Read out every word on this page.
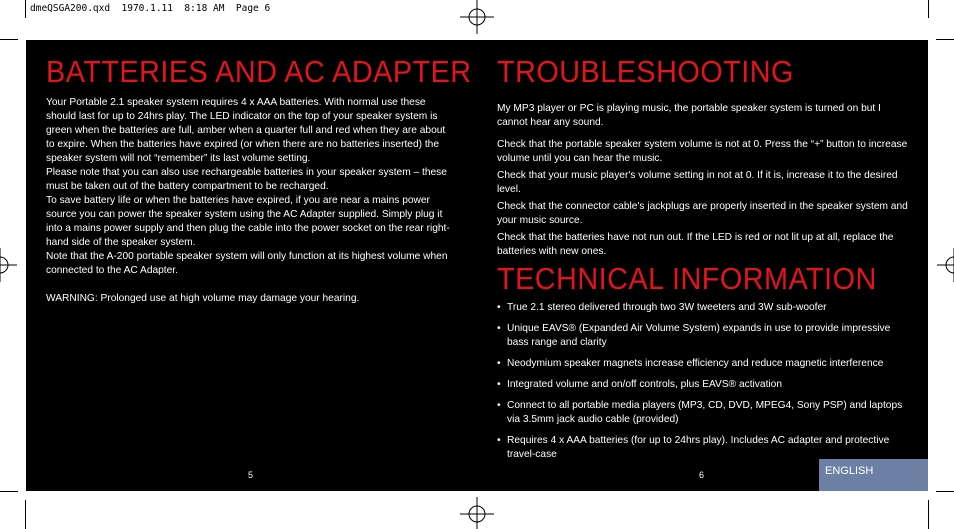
dmeQSGA200.qxd  1970.1.11  8:18 AM  Page 6
BATTERIES AND AC ADAPTER

Your Portable 2.1 speaker system requires 4 x AAA batteries. With normal use these should last for up to 24hrs play. The LED indicator on the top of your speaker system is green when the batteries are full, amber when a quarter full and red when they are about to expire. When the batteries have expired (or when there are no batteries inserted) the speaker system will not “remember” its last volume setting.

Please note that you can also use rechargeable batteries in your speaker system – these must be taken out of the battery compartment to be recharged.

To save battery life or when the batteries have expired, if you are near a mains power source you can power the speaker system using the AC Adapter supplied. Simply plug it into a mains power supply and then plug the cable into the power socket on the rear right-hand side of the speaker system.

Note that the A-200 portable speaker system will only function at its highest volume when connected to the AC Adapter.

WARNING: Prolonged use at high volume may damage your hearing.

5
TROUBLESHOOTING

My MP3 player or PC is playing music, the portable speaker system is turned on but I cannot hear any sound.

Check that the portable speaker system volume is not at 0. Press the “+” button to increase volume until you can hear the music.

Check that your music player's volume setting in not at 0. If it is, increase it to the desired level.

Check that the connector cable's jackplugs are properly inserted in the speaker system and your music source.

Check that the batteries have not run out. If the LED is red or not lit up at all, replace the batteries with new ones.

TECHNICAL INFORMATION
• True 2.1 stereo delivered through two 3W tweeters and 3W sub-woofer
• Unique EAVS® (Expanded Air Volume System) expands in use to provide impressive bass range and clarity
• Neodymium speaker magnets increase efficiency and reduce magnetic interference
• Integrated volume and on/off controls, plus EAVS® activation
• Connect to all portable media players (MP3, CD, DVD, MPEG4, Sony PSP) and laptops via 3.5mm jack audio cable (provided)
• Requires 4 x AAA batteries (for up to 24hrs play). Includes AC adapter and protective travel-case
6	ENGLISH
